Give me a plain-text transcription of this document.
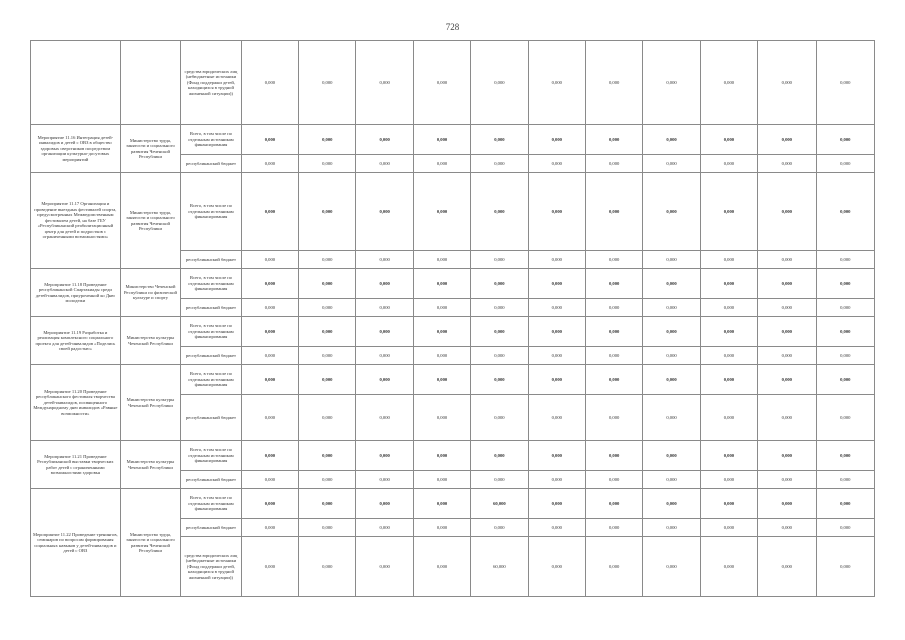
728
		средства юридических лиц (небюджетные источники (Фонд поддержки детей, находящихся в трудной жизненной ситуации))	0,000	0,000	0,000	0,000	0,000	0,000	0,000	0,000	0,000	0,000	0,000
Мероприятие 11.16 Интеграция детей-инвалидов и детей с ОВЗ в общество здоровых сверстников посредством организации культурно-досуговых мероприятий	Министерство труда, занятости и социального развития Чеченской Республики	Всего, в том числе по отдельным источникам финансирования	0,000	0,000	0,000	0,000	0,000	0,000	0,000	0,000	0,000	0,000	0,000
		республиканский бюджет	0,000	0,000	0,000	0,000	0,000	0,000	0,000	0,000	0,000	0,000	0,000
Мероприятие 11.17 Организация и проведение выездных фестивалей спорта, предусмотренных Межведомственным фестивалем детей, на базе ГБУ «Республиканский реабилитационный центр для детей и подростков с ограниченными возможностями»	Министерство труда, занятости и социального развития Чеченской Республики	Всего, в том числе по отдельным источникам финансирования	0,000	0,000	0,000	0,000	0,000	0,000	0,000	0,000	0,000	0,000	0,000
		республиканский бюджет	0,000	0,000	0,000	0,000	0,000	0,000	0,000	0,000	0,000	0,000	0,000
Мероприятие 11.18 Проведение республиканской Спартакиады среди детей-инвалидов, приуроченной ко Дню молодежи	Министерство Чеченской Республики по физической культуре и спорту	Всего, в том числе по отдельным источникам финансирования	0,000	0,000	0,000	0,000	0,000	0,000	0,000	0,000	0,000	0,000	0,000
		республиканский бюджет	0,000	0,000	0,000	0,000	0,000	0,000	0,000	0,000	0,000	0,000	0,000
Мероприятие 11.19 Разработка и реализация комплексного социального проекта для детей-инвалидов «Поделись своей радостью»	Министерство культуры Чеченской Республики	Всего, в том числе по отдельным источникам финансирования	0,000	0,000	0,000	0,000	0,000	0,000	0,000	0,000	0,000	0,000	0,000
		республиканский бюджет	0,000	0,000	0,000	0,000	0,000	0,000	0,000	0,000	0,000	0,000	0,000
Мероприятие 11.20 Проведение республиканского фестиваля творчества детей-инвалидов, посвященного Международному дню инвалидов «Равные возможности»	Министерство культуры Чеченской Республики	Всего, в том числе по отдельным источникам финансирования	0,000	0,000	0,000	0,000	0,000	0,000	0,000	0,000	0,000	0,000	0,000
		республиканский бюджет	0,000	0,000	0,000	0,000	0,000	0,000	0,000	0,000	0,000	0,000	0,000
Мероприятие 11.21 Проведение Республиканской выставки творческих работ детей с ограниченными возможностями здоровья	Министерство культуры Чеченской Республики	Всего, в том числе по отдельным источникам финансирования	0,000	0,000	0,000	0,000	0,000	0,000	0,000	0,000	0,000	0,000	0,000
		республиканский бюджет	0,000	0,000	0,000	0,000	0,000	0,000	0,000	0,000	0,000	0,000	0,000
Мероприятие 11.22 Проведение тренингов, семинаров по вопросам формирования социальных навыков у детей-инвалидов и детей с ОВЗ	Министерство труда, занятости и социального развития Чеченской Республики	Всего, в том числе по отдельным источникам финансирования	0,000	0,000	0,000	0,000	60,000	0,000	0,000	0,000	0,000	0,000	0,000
		республиканский бюджет	0,000	0,000	0,000	0,000	0,000	0,000	0,000	0,000	0,000	0,000	0,000
		средства юридических лиц (небюджетные источники (Фонд поддержки детей, находящихся в трудной жизненной ситуации))	0,000	0,000	0,000	0,000	60,000	0,000	0,000	0,000	0,000	0,000	0,000
